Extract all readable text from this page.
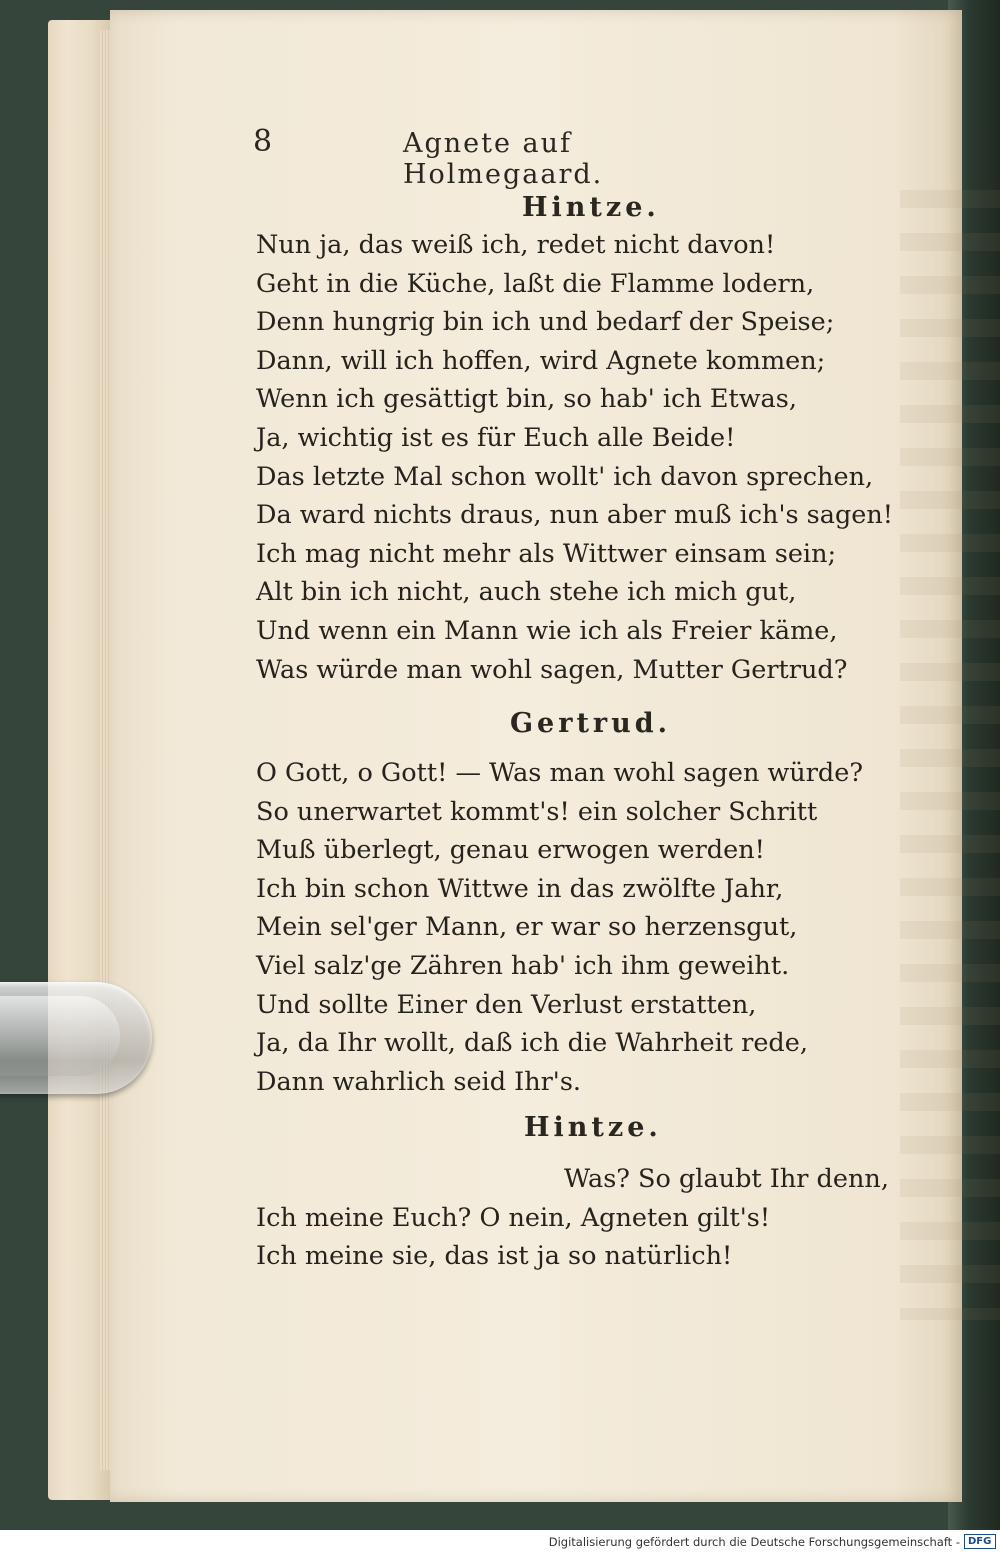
8	Agnete auf Holmegaard.
Hintze.
Nun ja, das weiß ich, redet nicht davon!
Geht in die Küche, laßt die Flamme lodern,
Denn hungrig bin ich und bedarf der Speise;
Dann, will ich hoffen, wird Agnete kommen;
Wenn ich gesättigt bin, so hab' ich Etwas,
Ja, wichtig ist es für Euch alle Beide!
Das letzte Mal schon wollt' ich davon sprechen,
Da ward nichts draus, nun aber muß ich's sagen!
Ich mag nicht mehr als Wittwer einsam sein;
Alt bin ich nicht, auch stehe ich mich gut,
Und wenn ein Mann wie ich als Freier käme,
Was würde man wohl sagen, Mutter Gertrud?
Gertrud.
O Gott, o Gott! — Was man wohl sagen würde?
So unerwartet kommt's! ein solcher Schritt
Muß überlegt, genau erwogen werden!
Ich bin schon Wittwe in das zwölfte Jahr,
Mein sel'ger Mann, er war so herzensgut,
Viel salz'ge Zähren hab' ich ihm geweiht.
Und sollte Einer den Verlust erstatten,
Ja, da Ihr wollt, daß ich die Wahrheit rede,
Dann wahrlich seid Ihr's.
Hintze.
Was? So glaubt Ihr denn,
Ich meine Euch? O nein, Agneten gilt's!
Ich meine sie, das ist ja so natürlich!
Digitalisierung gefördert durch die Deutsche Forschungsgemeinschaft - DFG
